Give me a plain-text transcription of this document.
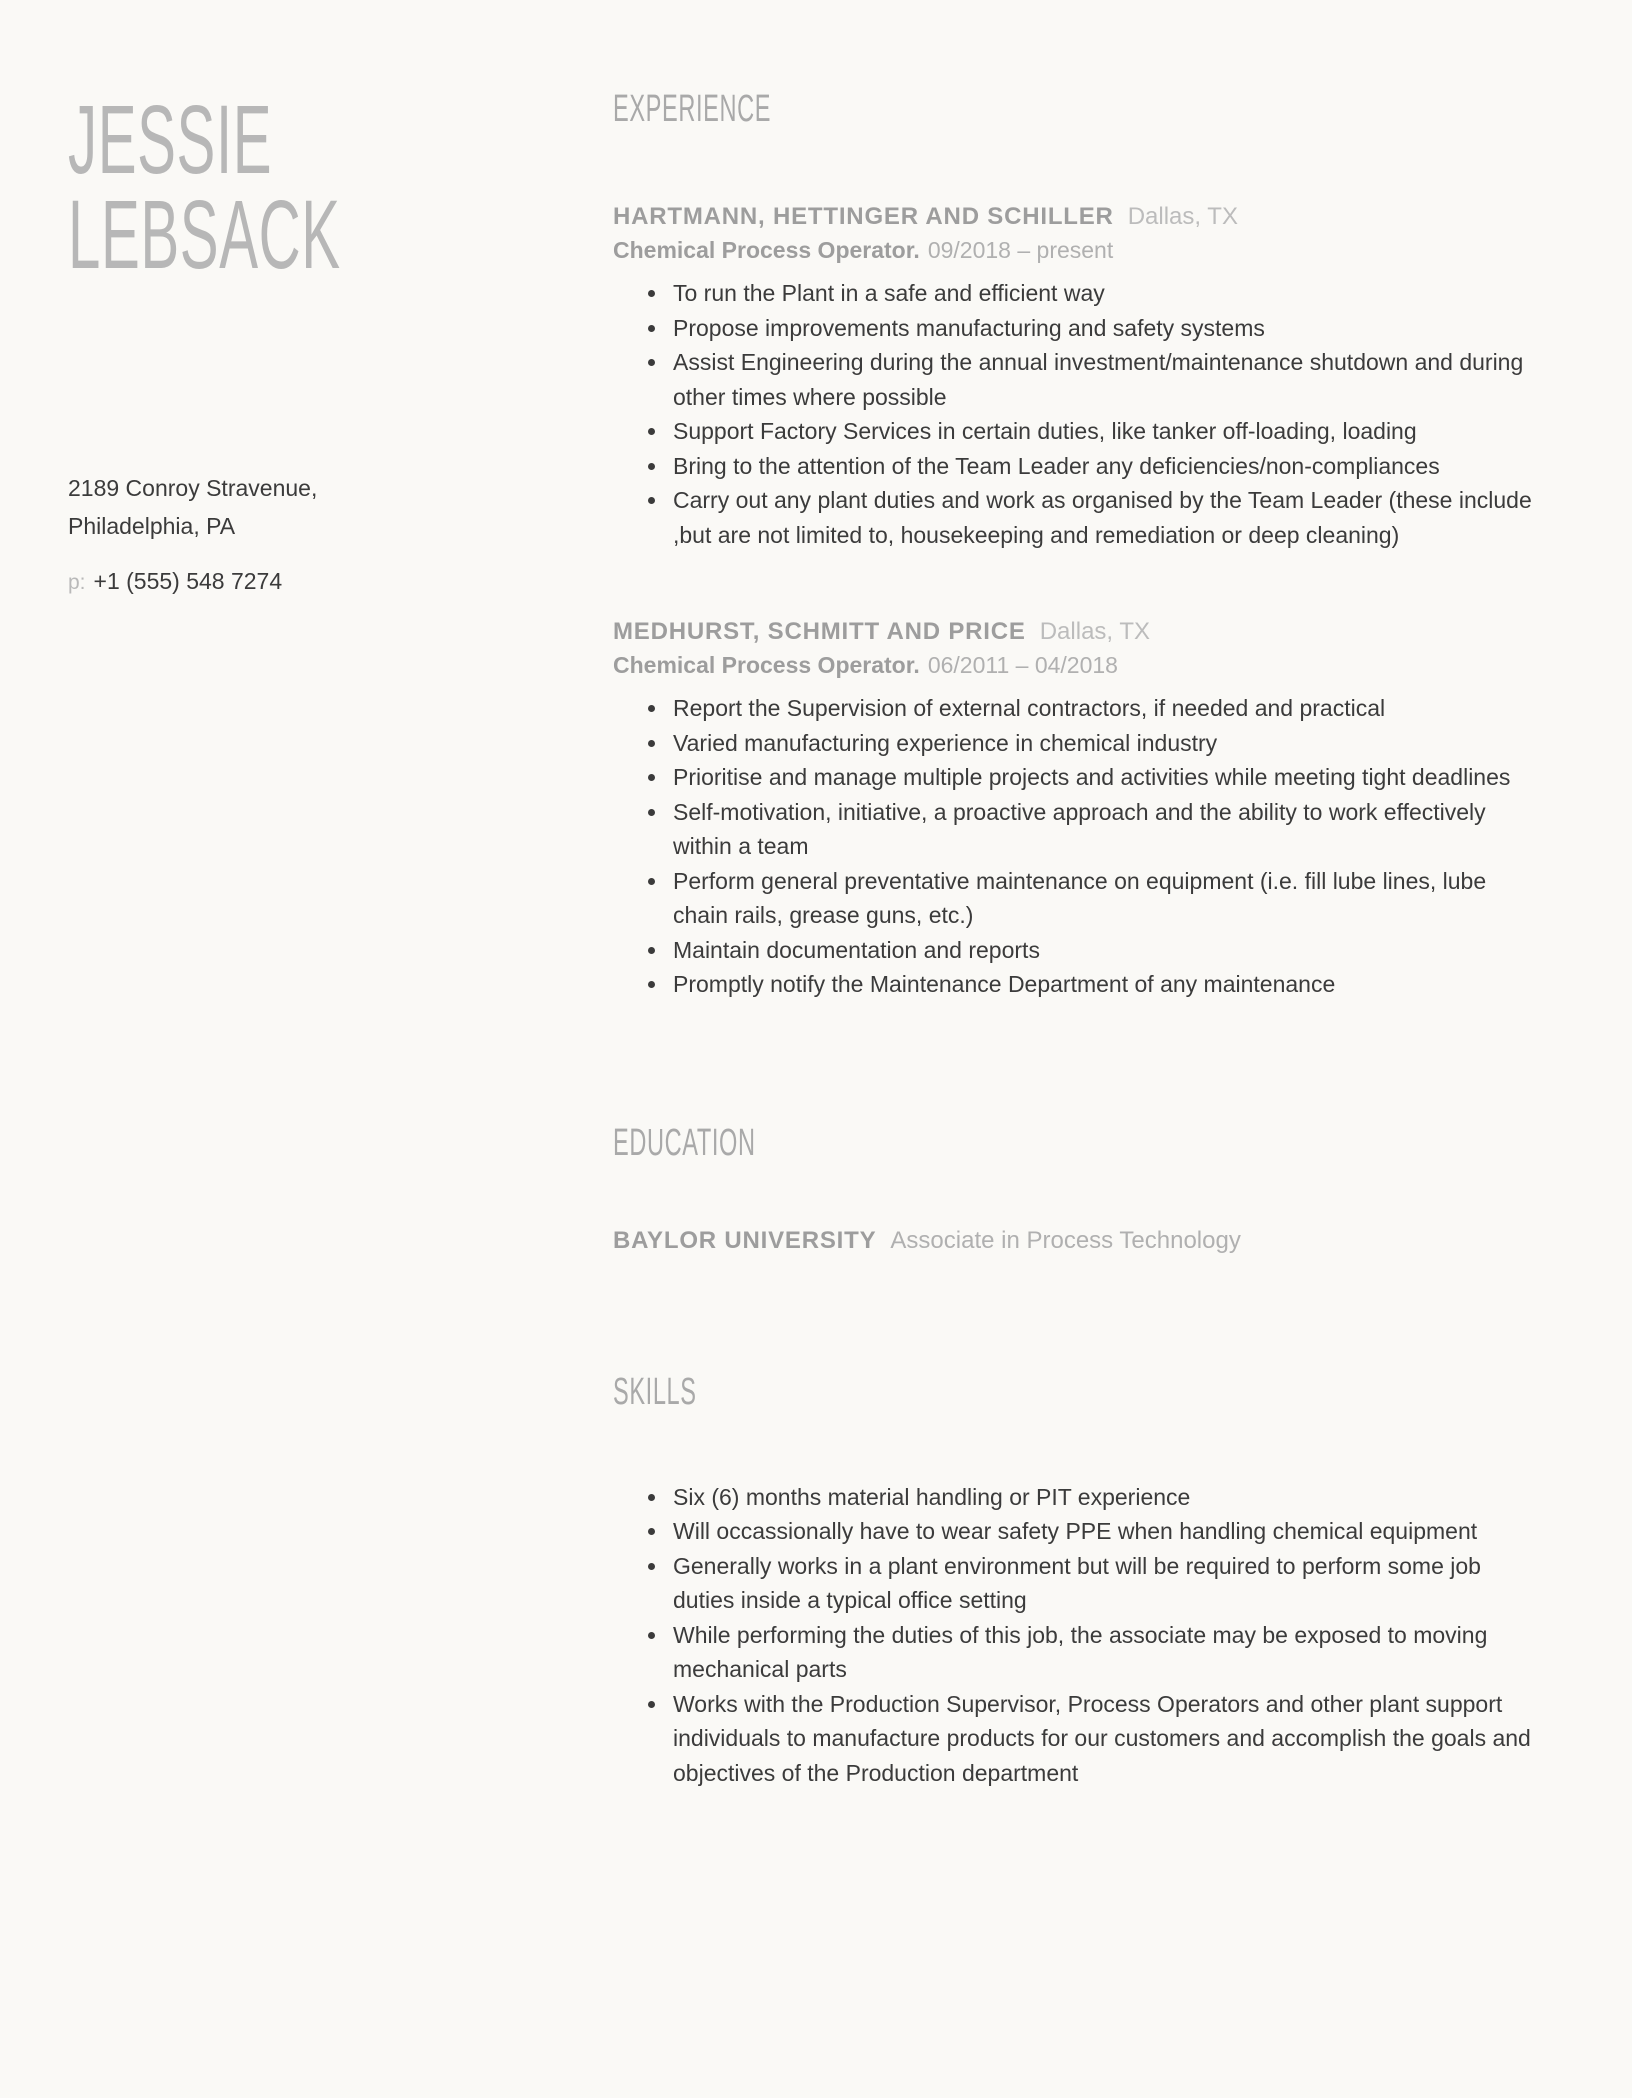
JESSIE
LEBSACK
2189 Conroy Stravenue,
Philadelphia, PA
p: +1 (555) 548 7274
EXPERIENCE
HARTMANN, HETTINGER AND SCHILLER Dallas, TX
Chemical Process Operator. 09/2018 – present
• To run the Plant in a safe and efficient way
• Propose improvements manufacturing and safety systems
• Assist Engineering during the annual investment/maintenance shutdown and during other times where possible
• Support Factory Services in certain duties, like tanker off-loading, loading
• Bring to the attention of the Team Leader any deficiencies/non-compliances
• Carry out any plant duties and work as organised by the Team Leader (these include ,but are not limited to, housekeeping and remediation or deep cleaning)
MEDHURST, SCHMITT AND PRICE Dallas, TX
Chemical Process Operator. 06/2011 – 04/2018
• Report the Supervision of external contractors, if needed and practical
• Varied manufacturing experience in chemical industry
• Prioritise and manage multiple projects and activities while meeting tight deadlines
• Self-motivation, initiative, a proactive approach and the ability to work effectively within a team
• Perform general preventative maintenance on equipment (i.e. fill lube lines, lube chain rails, grease guns, etc.)
• Maintain documentation and reports
• Promptly notify the Maintenance Department of any maintenance
EDUCATION
BAYLOR UNIVERSITY Associate in Process Technology
SKILLS
• Six (6) months material handling or PIT experience
• Will occassionally have to wear safety PPE when handling chemical equipment
• Generally works in a plant environment but will be required to perform some job duties inside a typical office setting
• While performing the duties of this job, the associate may be exposed to moving mechanical parts
• Works with the Production Supervisor, Process Operators and other plant support individuals to manufacture products for our customers and accomplish the goals and objectives of the Production department
